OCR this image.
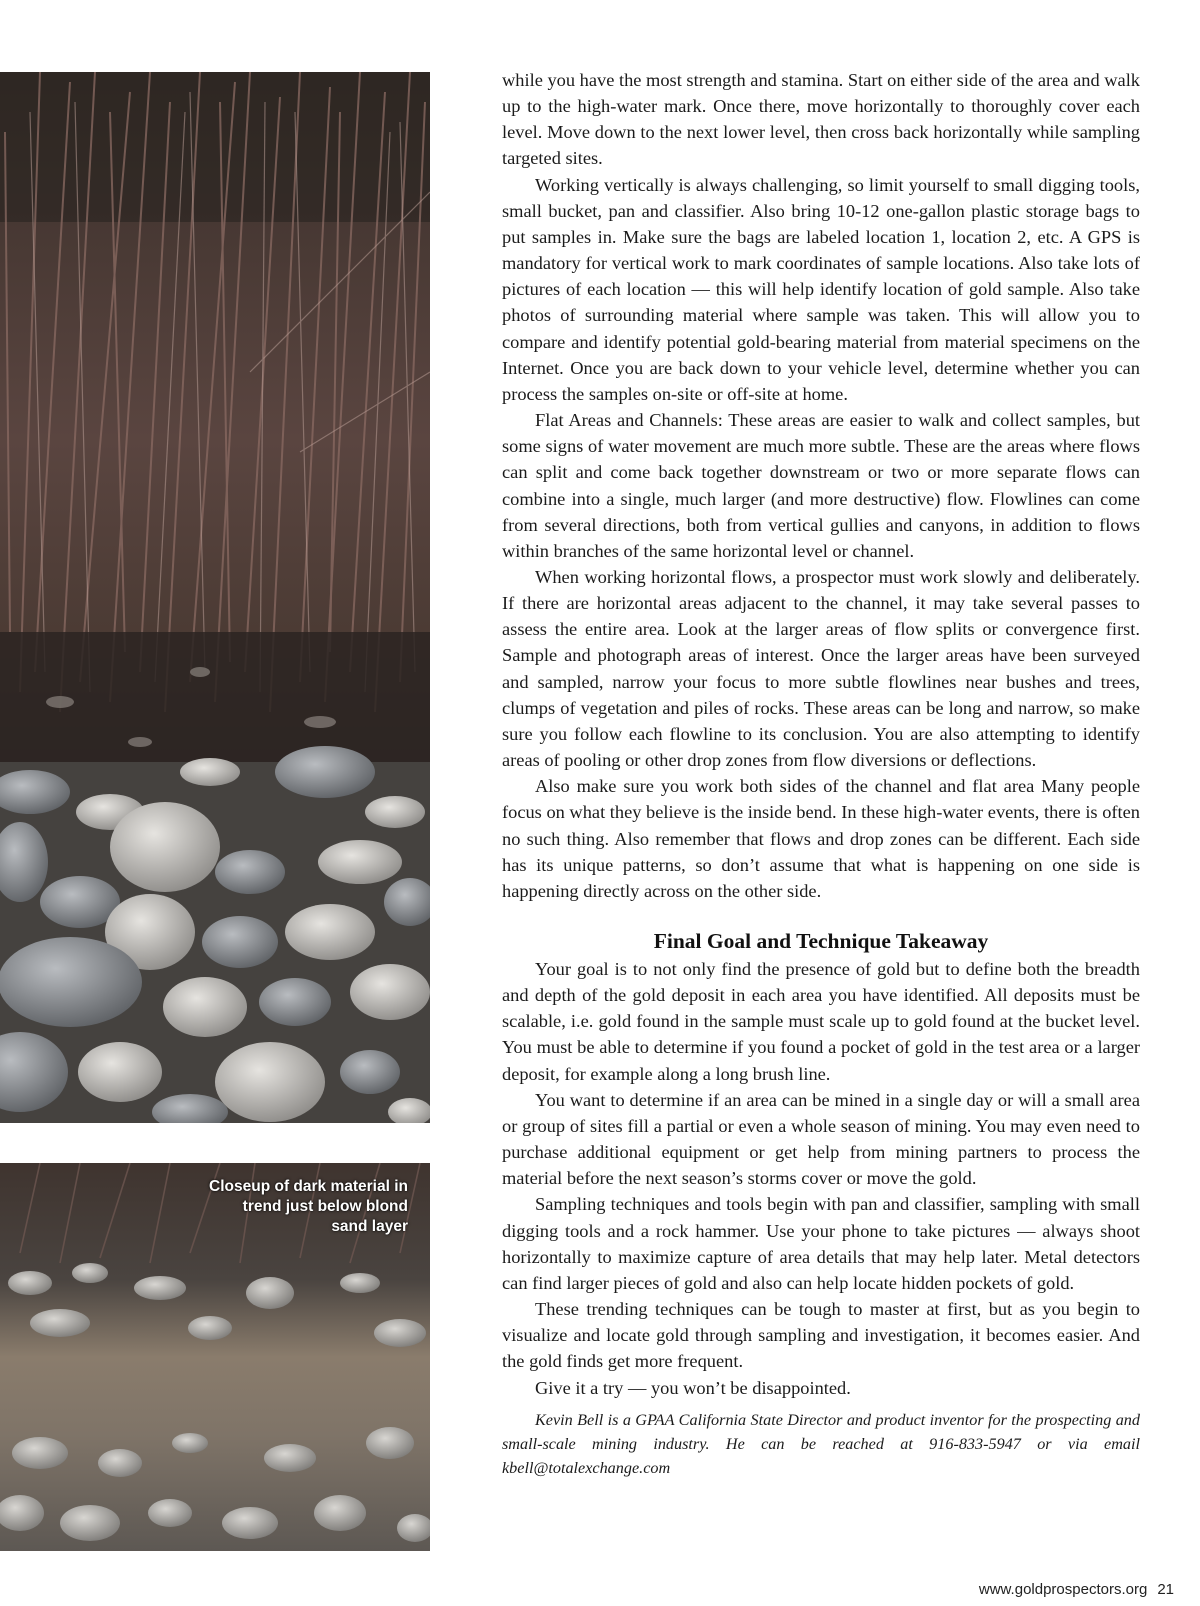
Closeup of dark material in trend just below blond sand layer

while you have the most strength and stamina. Start on either side of the area and walk up to the high-water mark. Once there, move horizontally to thoroughly cover each level. Move down to the next lower level, then cross back horizontally while sampling targeted sites.

Working vertically is always challenging, so limit yourself to small digging tools, small bucket, pan and classifier. Also bring 10-12 one-gallon plastic storage bags to put samples in. Make sure the bags are labeled location 1, location 2, etc. A GPS is mandatory for vertical work to mark coordinates of sample locations. Also take lots of pictures of each location — this will help identify location of gold sample. Also take photos of surrounding material where sample was taken. This will allow you to compare and identify potential gold-bearing material from material specimens on the Internet. Once you are back down to your vehicle level, determine whether you can process the samples on-site or off-site at home.

Flat Areas and Channels: These areas are easier to walk and collect samples, but some signs of water movement are much more subtle. These are the areas where flows can split and come back together downstream or two or more separate flows can combine into a single, much larger (and more destructive) flow. Flowlines can come from several directions, both from vertical gullies and canyons, in addition to flows within branches of the same horizontal level or channel.

When working horizontal flows, a prospector must work slowly and deliberately. If there are horizontal areas adjacent to the channel, it may take several passes to assess the entire area. Look at the larger areas of flow splits or convergence first. Sample and photograph areas of interest. Once the larger areas have been surveyed and sampled, narrow your focus to more subtle flowlines near bushes and trees, clumps of vegetation and piles of rocks. These areas can be long and narrow, so make sure you follow each flowline to its conclusion. You are also attempting to identify areas of pooling or other drop zones from flow diversions or deflections.

Also make sure you work both sides of the channel and flat area Many people focus on what they believe is the inside bend. In these high-water events, there is often no such thing. Also remember that flows and drop zones can be different. Each side has its unique patterns, so don’t assume that what is happening on one side is happening directly across on the other side.

Final Goal and Technique Takeaway

Your goal is to not only find the presence of gold but to define both the breadth and depth of the gold deposit in each area you have identified. All deposits must be scalable, i.e. gold found in the sample must scale up to gold found at the bucket level. You must be able to determine if you found a pocket of gold in the test area or a larger deposit, for example along a long brush line.

You want to determine if an area can be mined in a single day or will a small area or group of sites fill a partial or even a whole season of mining. You may even need to purchase additional equipment or get help from mining partners to process the material before the next season’s storms cover or move the gold.

Sampling techniques and tools begin with pan and classifier, sampling with small digging tools and a rock hammer. Use your phone to take pictures — always shoot horizontally to maximize capture of area details that may help later. Metal detectors can find larger pieces of gold and also can help locate hidden pockets of gold.

These trending techniques can be tough to master at first, but as you begin to visualize and locate gold through sampling and investigation, it becomes easier. And the gold finds get more frequent.

Give it a try — you won’t be disappointed.

Kevin Bell is a GPAA California State Director and product inventor for the prospecting and small-scale mining industry. He can be reached at 916-833-5947 or via email kbell@totalexchange.com

www.goldprospectors.org 21
